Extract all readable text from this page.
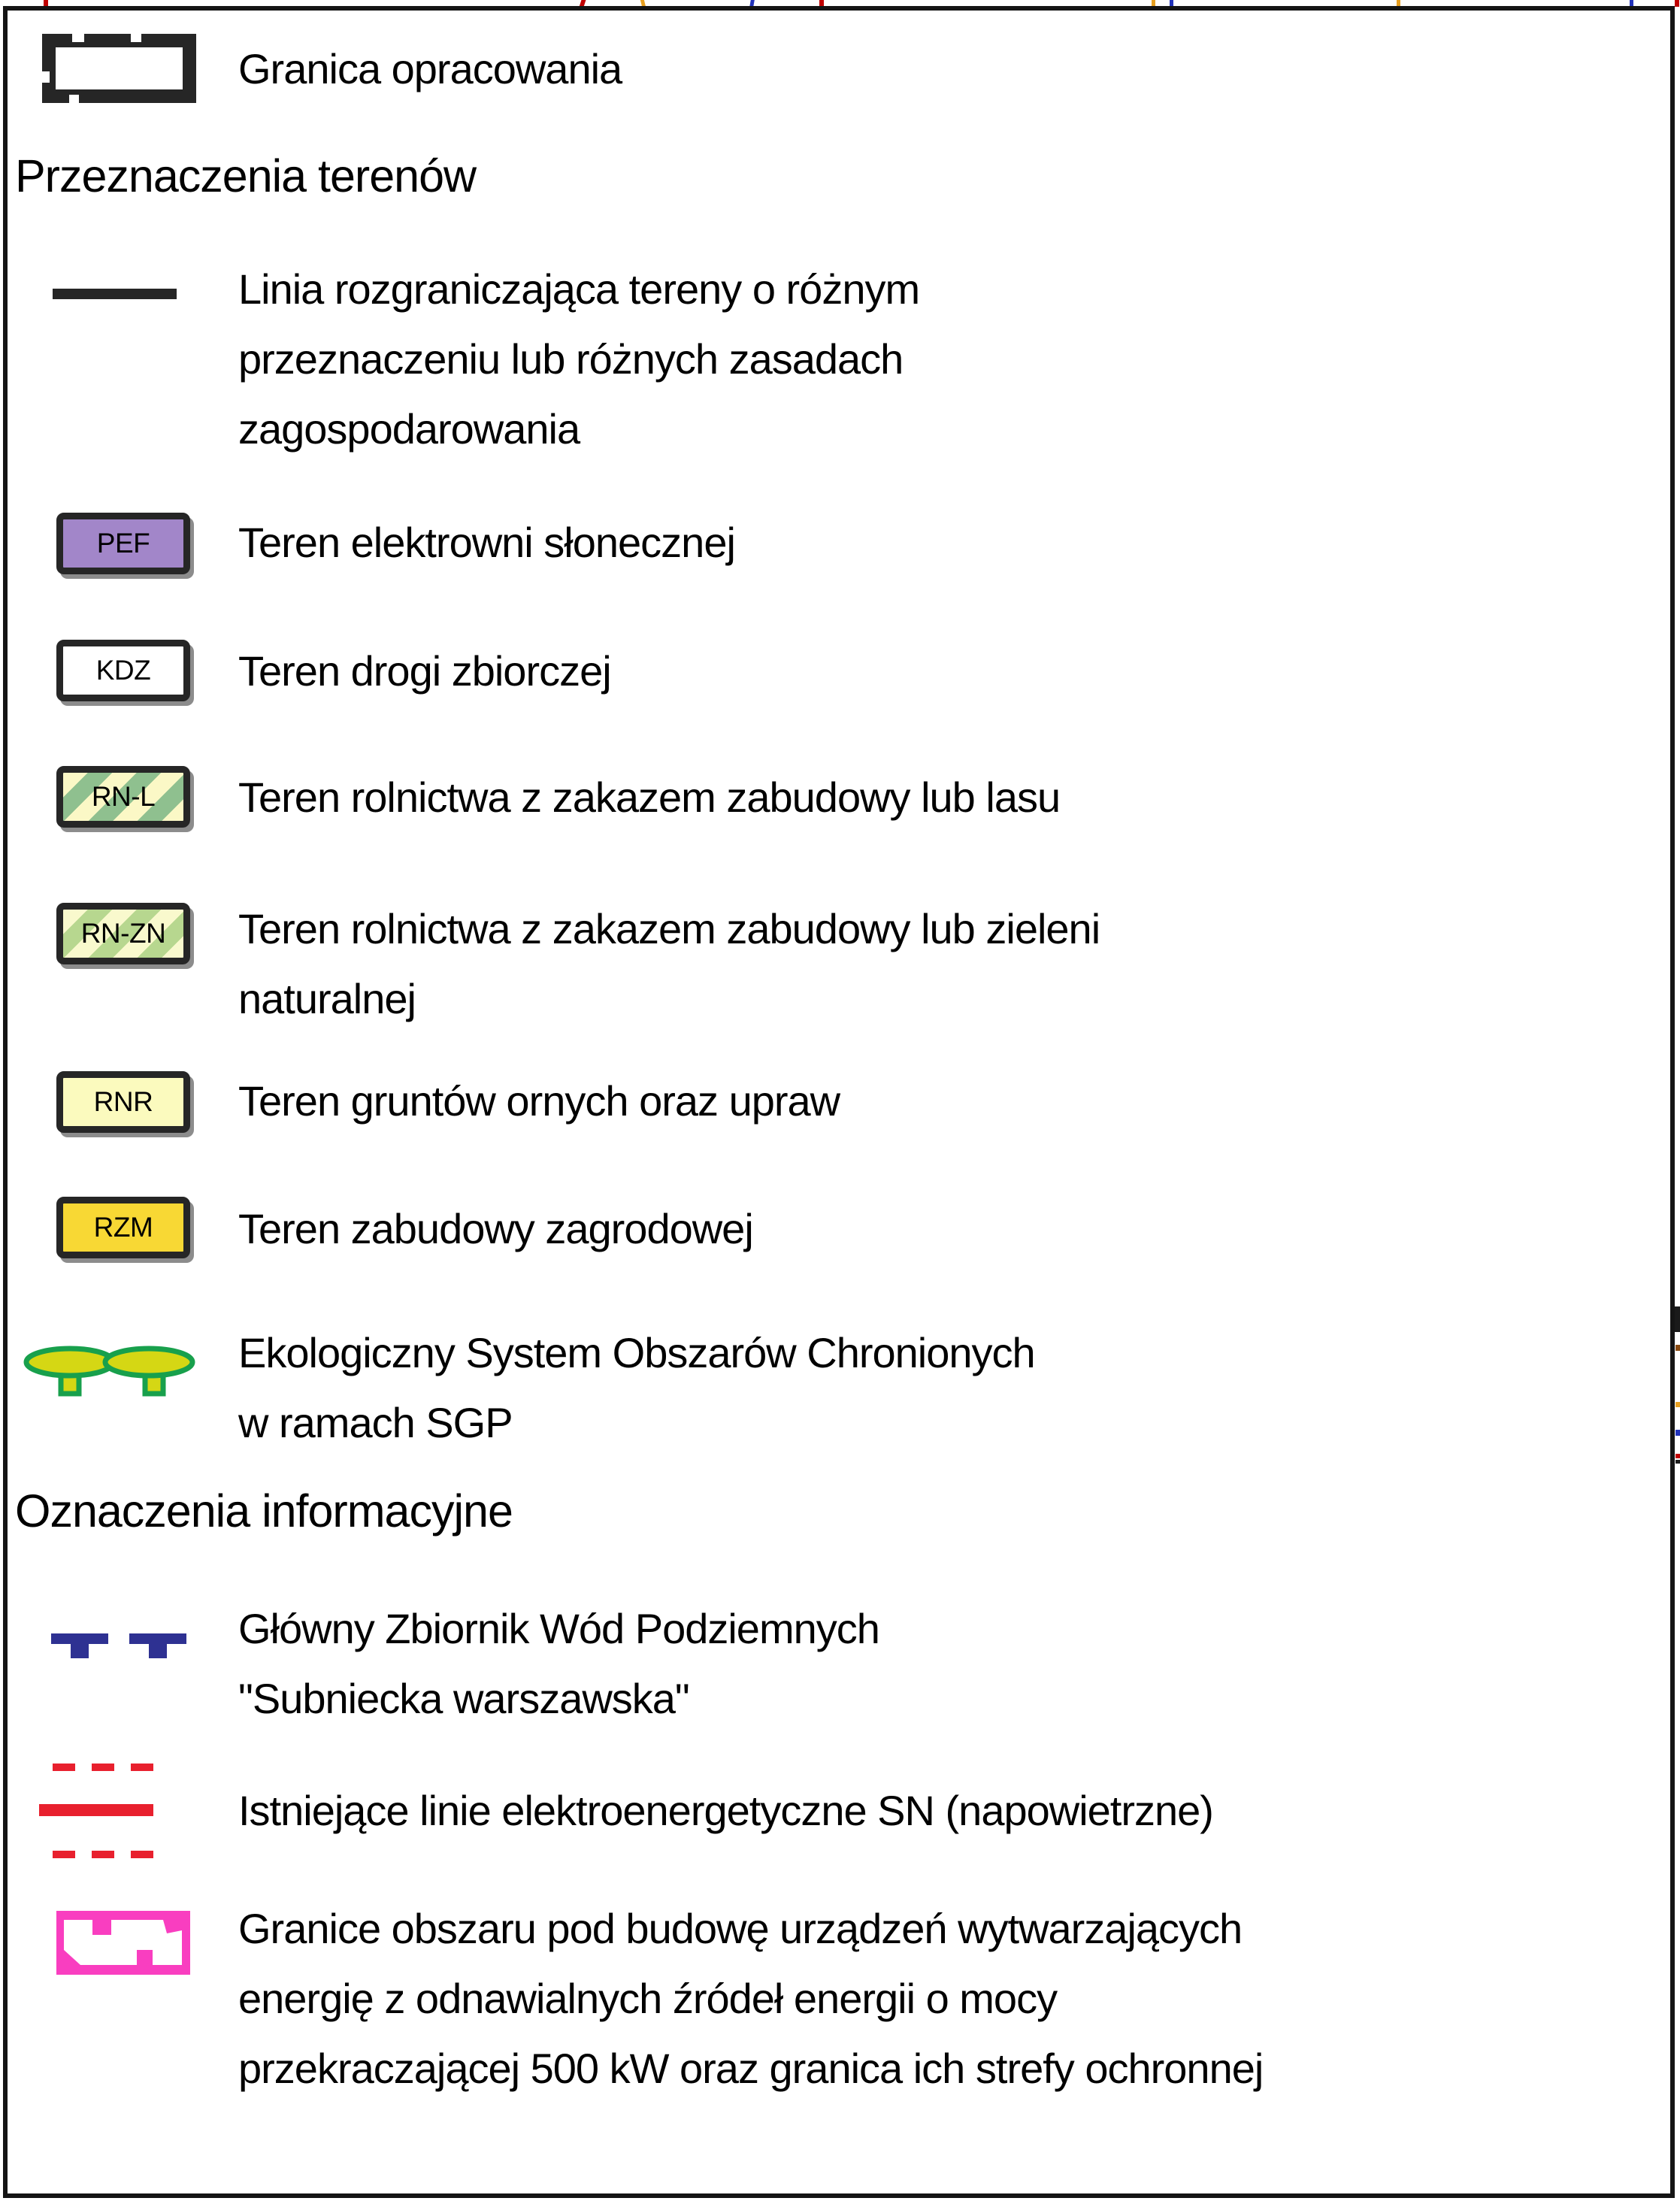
Granica opracowania
Przeznaczenia terenów
Linia rozgraniczająca tereny o różnym
przeznaczeniu lub różnych zasadach
zagospodarowania
PEF Teren elektrowni słonecznej
KDZ Teren drogi zbiorczej
RN-L Teren rolnictwa z zakazem zabudowy lub lasu
RN-ZN Teren rolnictwa z zakazem zabudowy lub zieleni
naturalnej
RNR Teren gruntów ornych oraz upraw
RZM Teren zabudowy zagrodowej
Ekologiczny System Obszarów Chronionych
w ramach SGP
Oznaczenia informacyjne
Główny Zbiornik Wód Podziemnych
"Subniecka warszawska"
Istniejące linie elektroenergetyczne SN (napowietrzne)
Granice obszaru pod budowę urządzeń wytwarzających
energię z odnawialnych źródeł energii o mocy
przekraczającej 500 kW oraz granica ich strefy ochronnej
